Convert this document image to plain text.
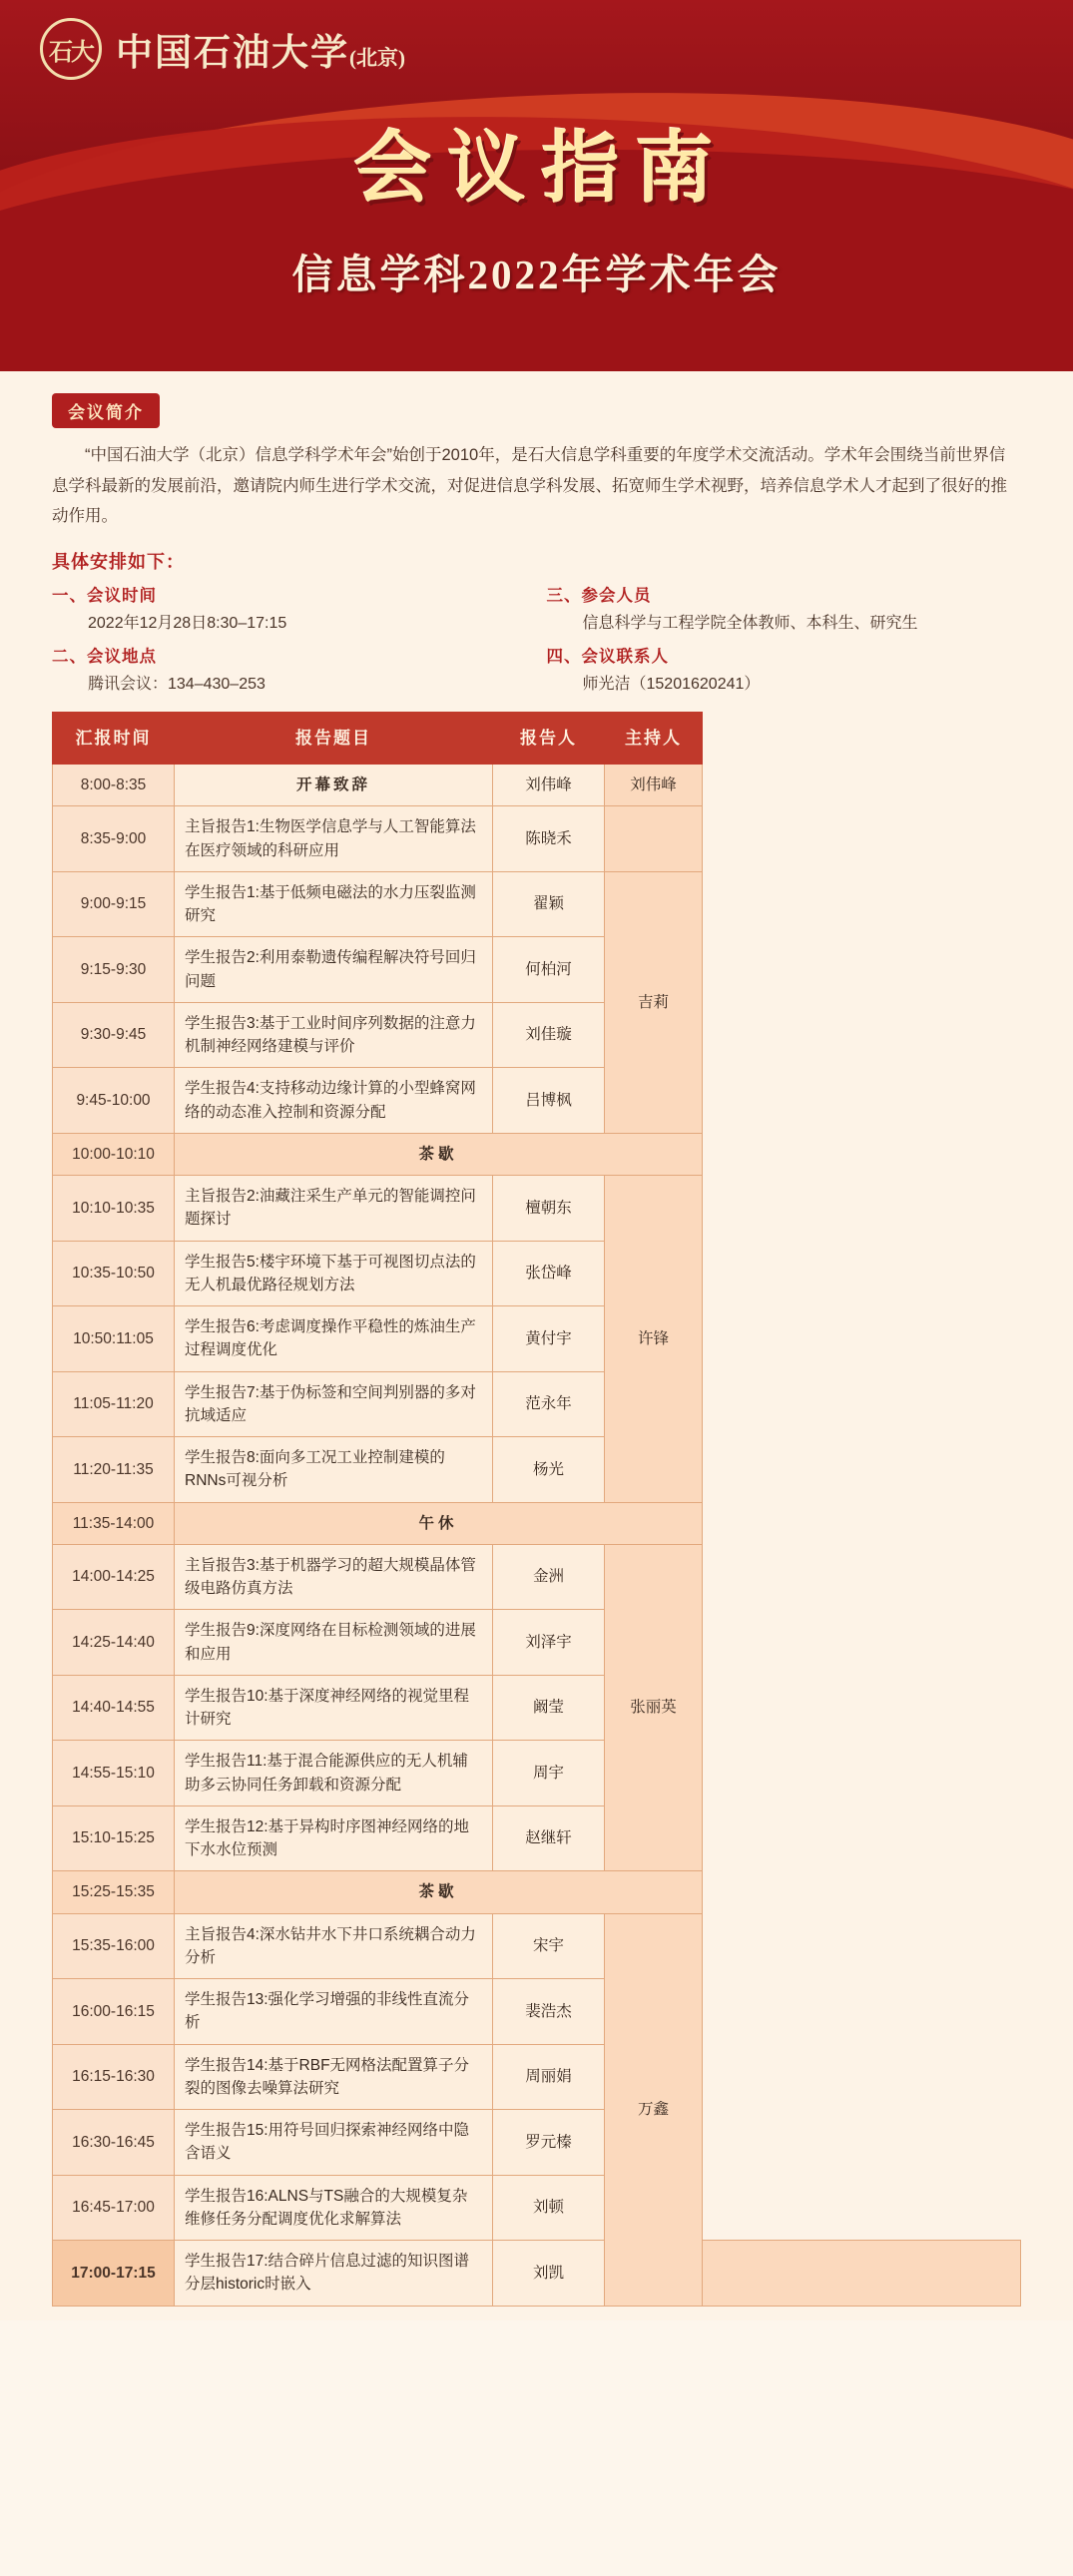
石大 中国石油大学(北京)
会议指南
信息学科2022年学术年会
会议简介

　　“中国石油大学（北京）信息学科学术年会”始创于2010年，是石大信息学科重要的年度学术交流活动。学术年会围绕当前世界信息学科最新的发展前沿，邀请院内师生进行学术交流，对促进信息学科发展、拓宽师生学术视野，培养信息学术人才起到了很好的推动作用。

具体安排如下：
一、会议时间
2022年12月28日8:30–17:15
三、参会人员
信息科学与工程学院全体教师、本科生、研究生
二、会议地点
腾讯会议：134–430–253
四、会议联系人
师光洁（15201620241）
汇报时间	报告题目	报告人	主持人	
8:00-8:35	开幕致辞	刘伟峰	刘伟峰	
8:35-9:00	主旨报告1:生物医学信息学与人工智能算法在医疗领域的科研应用	陈晓禾		
9:00-9:15	学生报告1:基于低频电磁法的水力压裂监测研究	翟颖	吉莉	
9:15-9:30	学生报告2:利用泰勒遗传编程解决符号回归问题	何柏河		
9:30-9:45	学生报告3:基于工业时间序列数据的注意力机制神经网络建模与评价	刘佳璇		
9:45-10:00	学生报告4:支持移动边缘计算的小型蜂窝网络的动态准入控制和资源分配	吕博枫		
10:00-10:10	茶歇			
10:10-10:35	主旨报告2:油藏注采生产单元的智能调控问题探讨	檀朝东	许锋	
10:35-10:50	学生报告5:楼宇环境下基于可视图切点法的无人机最优路径规划方法	张岱峰		
10:50:11:05	学生报告6:考虑调度操作平稳性的炼油生产过程调度优化	黄付宇		
11:05-11:20	学生报告7:基于伪标签和空间判别器的多对抗域适应	范永年		
11:20-11:35	学生报告8:面向多工况工业控制建模的RNNs可视分析	杨光		
11:35-14:00	午休			
14:00-14:25	主旨报告3:基于机器学习的超大规模晶体管级电路仿真方法	金洲	张丽英	
14:25-14:40	学生报告9:深度网络在目标检测领域的进展和应用	刘泽宇		
14:40-14:55	学生报告10:基于深度神经网络的视觉里程计研究	阚莹		
14:55-15:10	学生报告11:基于混合能源供应的无人机辅助多云协同任务卸载和资源分配	周宇		
15:10-15:25	学生报告12:基于异构时序图神经网络的地下水水位预测	赵继轩		
15:25-15:35	茶歇			
15:35-16:00	主旨报告4:深水钻井水下井口系统耦合动力分析	宋宇	万鑫	
16:00-16:15	学生报告13:强化学习增强的非线性直流分析	裴浩杰		
16:15-16:30	学生报告14:基于RBF无网格法配置算子分裂的图像去噪算法研究	周丽娟		
16:30-16:45	学生报告15:用符号回归探索神经网络中隐含语义	罗元榛		
16:45-17:00	学生报告16:ALNS与TS融合的大规模复杂维修任务分配调度优化求解算法	刘顿		
17:00-17:15	学生报告17:结合碎片信息过滤的知识图谱分层historic时嵌入	刘凯		
